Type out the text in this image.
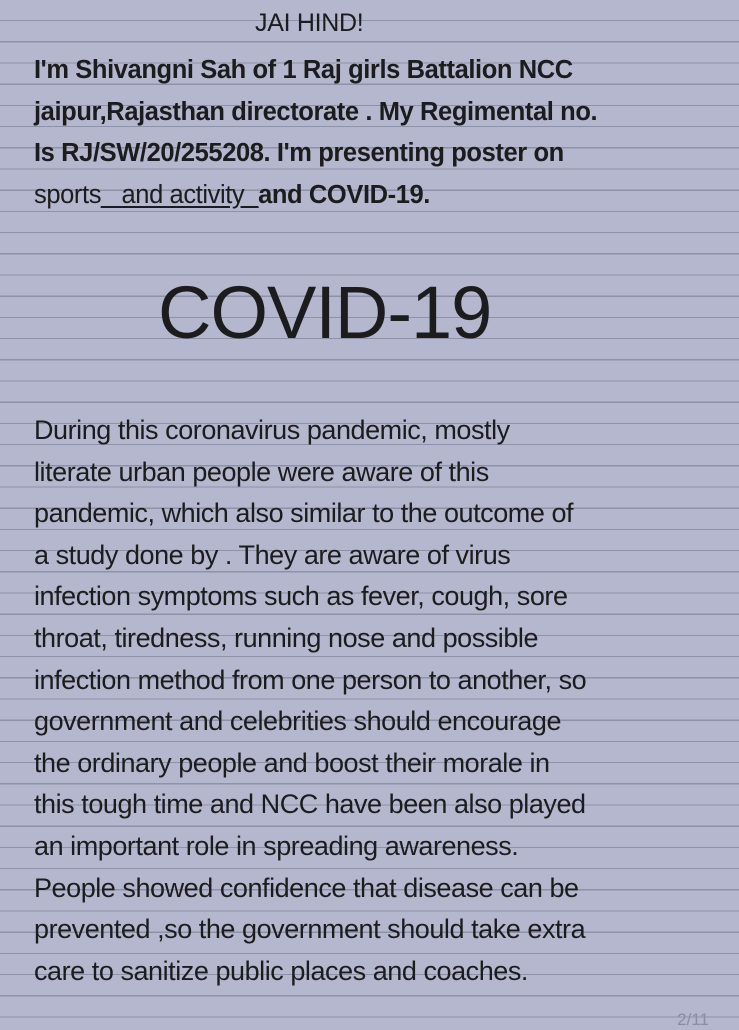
JAI HIND!
I'm Shivangni Sah of 1 Raj girls Battalion NCC
jaipur,Rajasthan directorate . My Regimental no.
Is RJ/SW/20/255208. I'm presenting poster on
sports_ and activity_and COVID-19.
COVID-19
During this coronavirus pandemic, mostly
literate urban people were aware of this
pandemic, which also similar to the outcome of
a study done by . They are aware of virus
infection symptoms such as fever, cough, sore
throat, tiredness, running nose and possible
infection method from one person to another, so
government and celebrities should encourage
the ordinary people and boost their morale in
this tough time and NCC have been also played
an important role in spreading awareness.
People showed confidence that disease can be
prevented ,so the government should take extra
care to sanitize public places and coaches.
2/11
